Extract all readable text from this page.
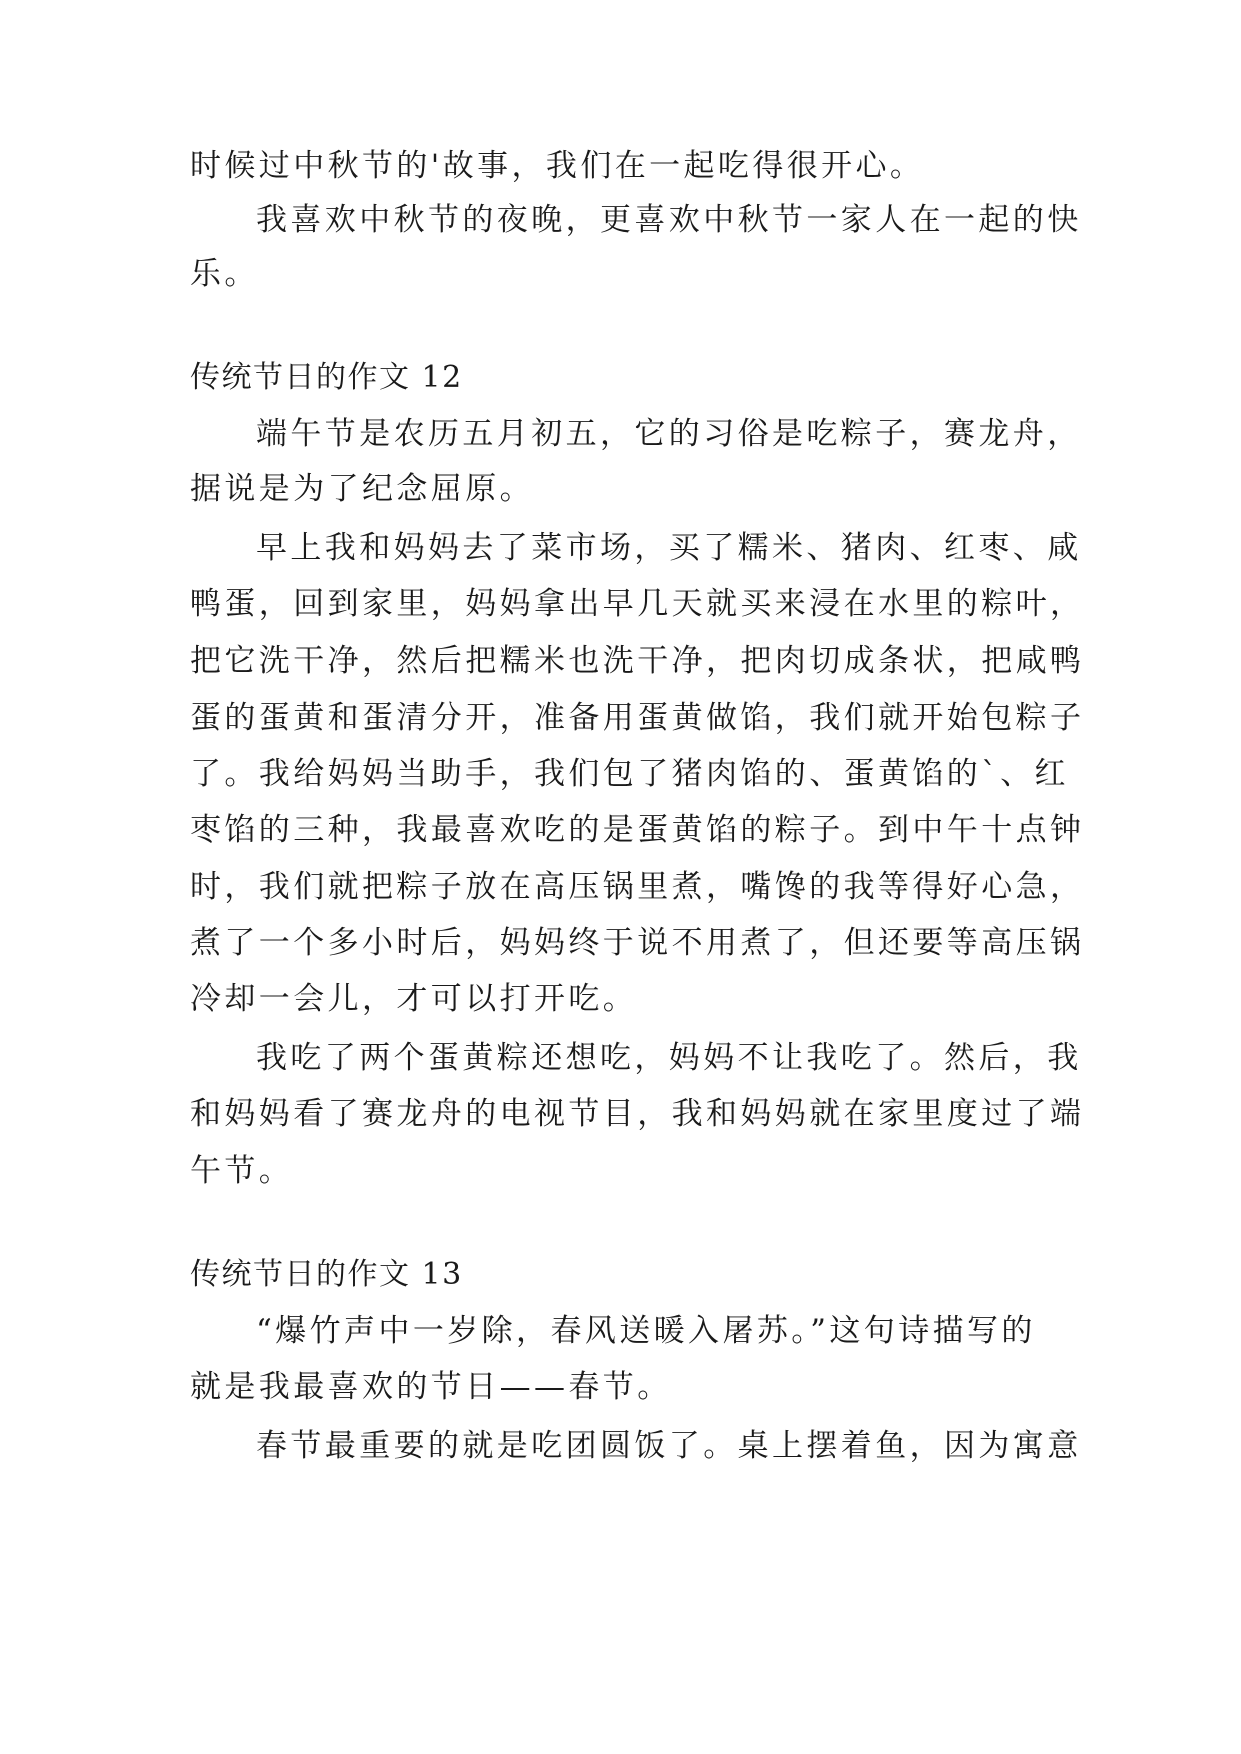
时候过中秋节的'故事，我们在一起吃得很开心。
我喜欢中秋节的夜晚，更喜欢中秋节一家人在一起的快
乐。
传统节日的作文 12
端午节是农历五月初五，它的习俗是吃粽子，赛龙舟，
据说是为了纪念屈原。
早上我和妈妈去了菜市场，买了糯米、猪肉、红枣、咸
鸭蛋，回到家里，妈妈拿出早几天就买来浸在水里的粽叶，
把它洗干净，然后把糯米也洗干净，把肉切成条状，把咸鸭
蛋的蛋黄和蛋清分开，准备用蛋黄做馅，我们就开始包粽子
了。我给妈妈当助手，我们包了猪肉馅的、蛋黄馅的`、红
枣馅的三种，我最喜欢吃的是蛋黄馅的粽子。到中午十点钟
时，我们就把粽子放在高压锅里煮，嘴馋的我等得好心急，
煮了一个多小时后，妈妈终于说不用煮了，但还要等高压锅
冷却一会儿，才可以打开吃。
我吃了两个蛋黄粽还想吃，妈妈不让我吃了。然后，我
和妈妈看了赛龙舟的电视节目，我和妈妈就在家里度过了端
午节。
传统节日的作文 13
“爆竹声中一岁除，春风送暖入屠苏。”这句诗描写的
就是我最喜欢的节日——春节。
春节最重要的就是吃团圆饭了。桌上摆着鱼，因为寓意
